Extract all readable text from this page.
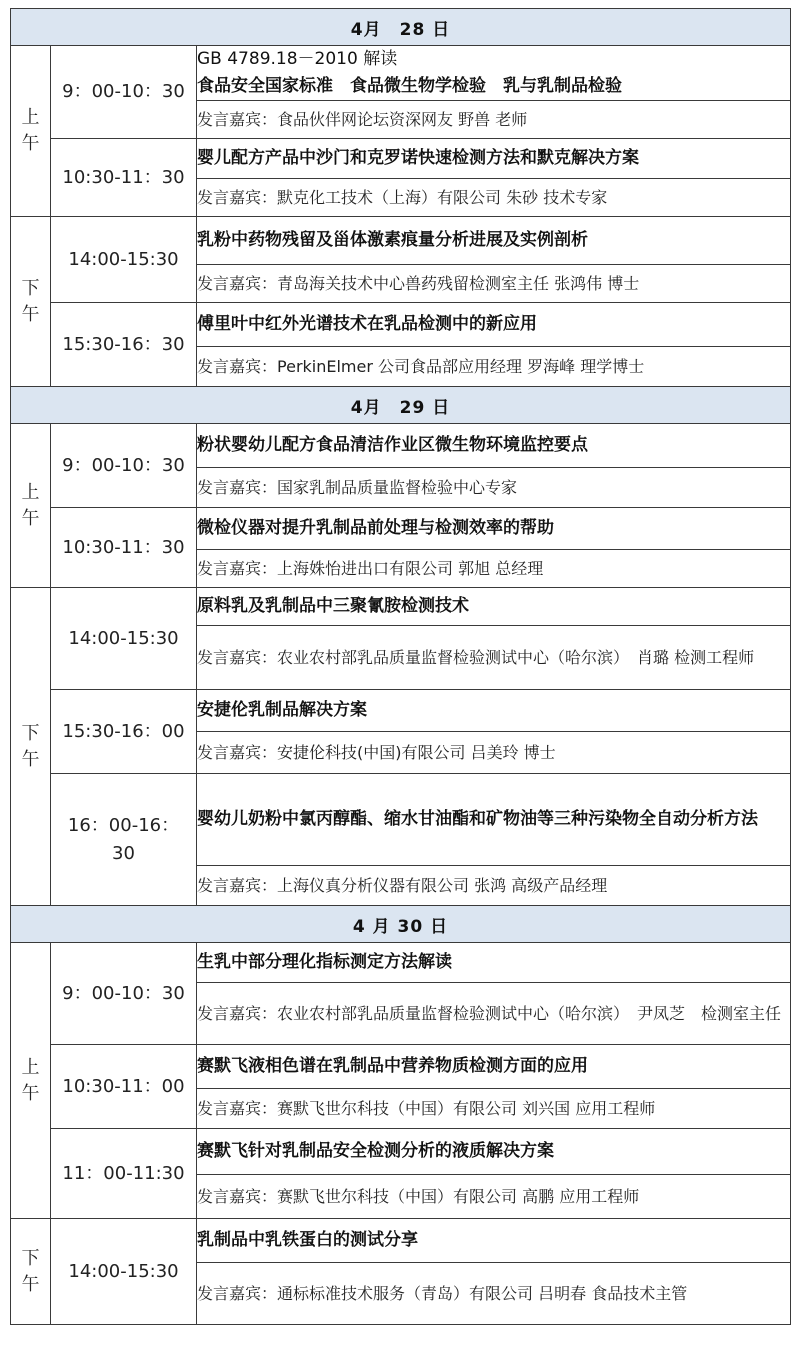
4月　28 日		

上
午	9：00-10：30	GB 4789.18－2010 解读
食品安全国家标准　食品微生物学检验　乳与乳制品检验

		发言嘉宾：食品伙伴网论坛资深网友 野兽 老师
	10:30-11：30	婴儿配方产品中沙门和克罗诺快速检测方法和默克解决方案
		发言嘉宾：默克化工技术（上海）有限公司 朱砂 技术专家

下
午	14:00-15:30	乳粉中药物残留及甾体激素痕量分析进展及实例剖析
		发言嘉宾：青岛海关技术中心兽药残留检测室主任 张鸿伟 博士
	15:30-16：30	傅里叶中红外光谱技术在乳品检测中的新应用
		发言嘉宾：PerkinElmer 公司食品部应用经理 罗海峰 理学博士
4月　29 日		

上
午	9：00-10：30	粉状婴幼儿配方食品清洁作业区微生物环境监控要点
		发言嘉宾：国家乳制品质量监督检验中心专家
	10:30-11：30	微检仪器对提升乳制品前处理与检测效率的帮助
		发言嘉宾：上海姝怡进出口有限公司 郭旭 总经理

下
午	14:00-15:30	原料乳及乳制品中三聚氰胺检测技术
		发言嘉宾：农业农村部乳品质量监督检验测试中心（哈尔滨）　肖璐 检测工程师
	15:30-16：00	安捷伦乳制品解决方案
		发言嘉宾：安捷伦科技(中国)有限公司 吕美玲 博士
	16：00-16：30	婴幼儿奶粉中氯丙醇酯、缩水甘油酯和矿物油等三种污染物全自动分析方法
		发言嘉宾：上海仪真分析仪器有限公司 张鸿 高级产品经理
4 月 30 日		

上
午	9：00-10：30	生乳中部分理化指标测定方法解读
		发言嘉宾：农业农村部乳品质量监督检验测试中心（哈尔滨）　尹凤芝　检测室主任
	10:30-11：00	赛默飞液相色谱在乳制品中营养物质检测方面的应用
		发言嘉宾：赛默飞世尔科技（中国）有限公司 刘兴国 应用工程师
	11：00-11:30	赛默飞针对乳制品安全检测分析的液质解决方案
		发言嘉宾：赛默飞世尔科技（中国）有限公司 高鹏 应用工程师

下
午	14:00-15:30	乳制品中乳铁蛋白的测试分享
		发言嘉宾：通标标准技术服务（青岛）有限公司 吕明春 食品技术主管
